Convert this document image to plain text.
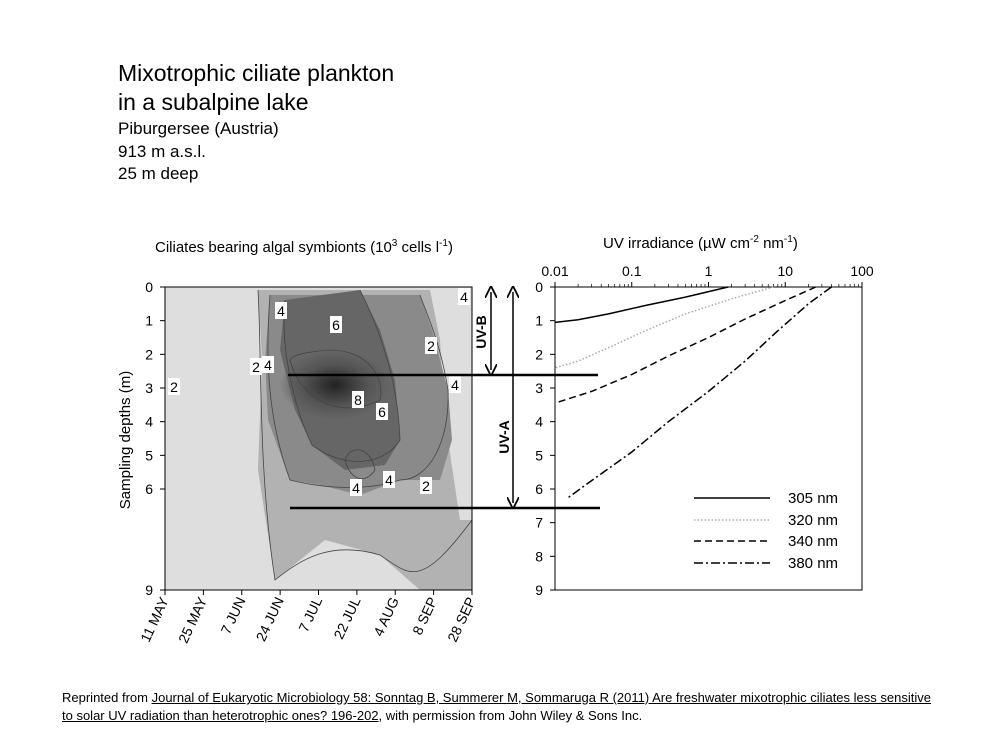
Mixotrophic ciliate plankton
in a subalpine lake
Piburgersee (Austria)
913 m a.s.l.
25 m deep
Ciliates bearing algal symbionts ($10^3$ cells $l^{-1}$)
Sampling depths (m)	2
2 4
4
6
8
6
4 4
4
2
2
4
UV irradiance (µW $cm^{-2}$ $nm^{-1}$)
0
1
2
3
4
5
6
9
11 MAY 25 MAY 7 JUN 24 JUN 7 JUL 22 JUL 4 AUG 8 SEP 28 SEP
0.01	0.1	1	10	100
0
1
2
3
4
5
6
7
8
9
UV-B
UV-A
305 nm
320 nm
340 nm
380 nm
Reprinted from Journal of Eukaryotic Microbiology 58: Sonntag B, Summerer M, Sommaruga R (2011) Are freshwater mixotrophic ciliates less sensitive to solar UV radiation than heterotrophic ones? 196-202, with permission from John Wiley & Sons Inc.
